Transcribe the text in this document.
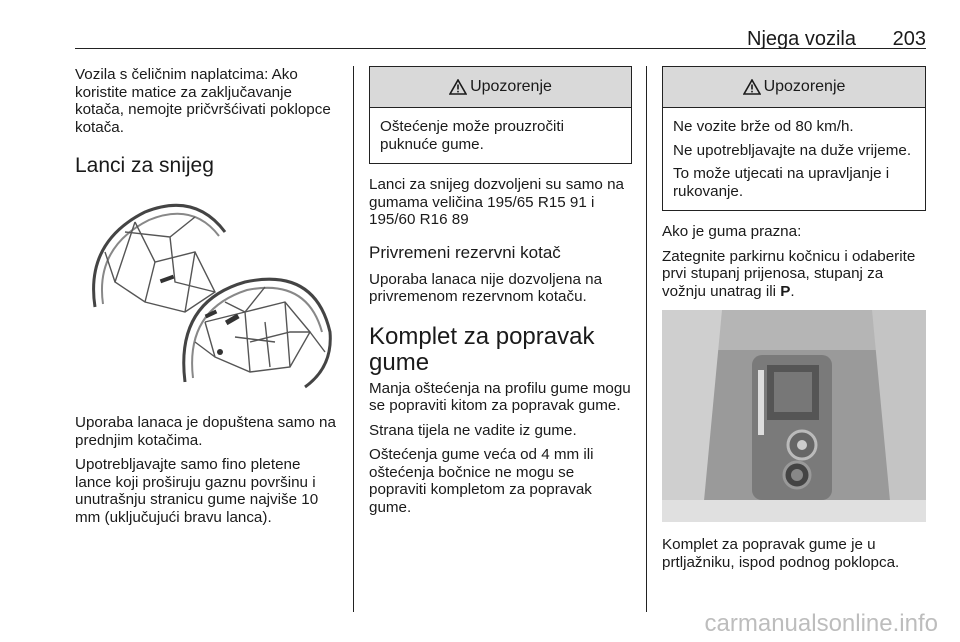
Njega vozila 203

Vozila s čeličnim naplatcima: Ako koristite matice za zaključavanje kotača, nemojte pričvršćivati poklopce kotača.

Lanci za snijeg

Uporaba lanaca je dopuštena samo na prednjim kotačima.

Upotrebljavajte samo fino pletene lance koji proširuju gaznu površinu i unutrašnju stranicu gume najviše 10 mm (uključujući bravu lanca).

Upozorenje

Oštećenje može prouzročiti puknuće gume.

Lanci za snijeg dozvoljeni su samo na gumama veličina 195/65 R15 91 i 195/60 R16 89

Privremeni rezervni kotač

Uporaba lanaca nije dozvoljena na privremenom rezervnom kotaču.

Komplet za popravak gume

Manja oštećenja na profilu gume mogu se popraviti kitom za popravak gume.

Strana tijela ne vadite iz gume.

Oštećenja gume veća od 4 mm ili oštećenja bočnice ne mogu se popraviti kompletom za popravak gume.

Upozorenje

Ne vozite brže od 80 km/h.

Ne upotrebljavajte na duže vrijeme.

To može utjecati na upravljanje i rukovanje.

Ako je guma prazna:

Zategnite parkirnu kočnicu i odaberite prvi stupanj prijenosa, stupanj za vožnju unatrag ili P.

Komplet za popravak gume je u prtljažniku, ispod podnog poklopca.

carmanualsonline.info
